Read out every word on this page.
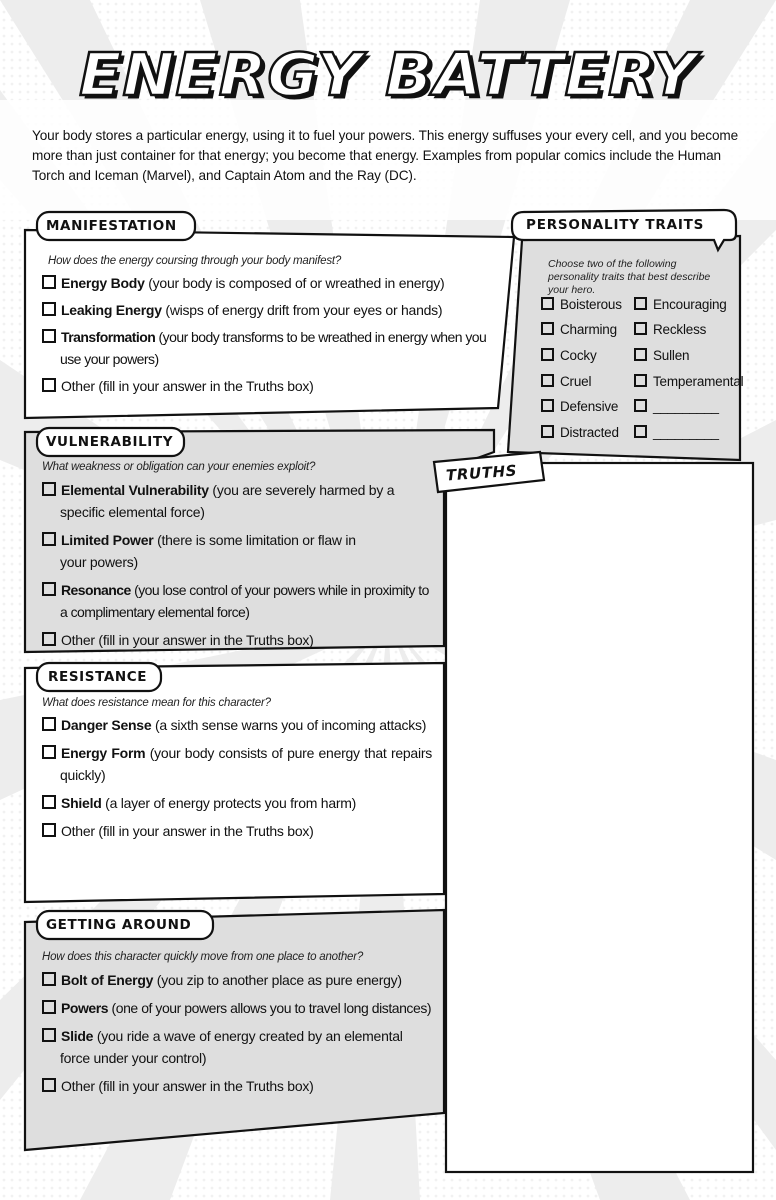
ENERGY BATTERY
Your body stores a particular energy, using it to fuel your powers. This energy suffuses your every cell, and you become more than just container for that energy; you become that energy. Examples from popular comics include the Human Torch and Iceman (Marvel), and Captain Atom and the Ray (DC).
MANIFESTATION
How does the energy coursing through your body manifest?
Energy Body (your body is composed of or wreathed in energy)
Leaking Energy (wisps of energy drift from your eyes or hands)
Transformation (your body transforms to be wreathed in energy when you use your powers)
Other (fill in your answer in the Truths box)
PERSONALITY TRAITS
Choose two of the following personality traits that best describe your hero.
Boisterous	Encouraging
Charming	Reckless
Cocky	Sullen
Cruel	Temperamental
Defensive	_________
Distracted	_________
VULNERABILITY
What weakness or obligation can your enemies exploit?
Elemental Vulnerability (you are severely harmed by a specific elemental force)
Limited Power (there is some limitation or flaw in your powers)
Resonance (you lose control of your powers while in proximity to a complimentary elemental force)
Other (fill in your answer in the Truths box)
RESISTANCE
What does resistance mean for this character?
Danger Sense (a sixth sense warns you of incoming attacks)
Energy Form (your body consists of pure energy that repairs quickly)
Shield (a layer of energy protects you from harm)
Other (fill in your answer in the Truths box)
GETTING AROUND
How does this character quickly move from one place to another?
Bolt of Energy (you zip to another place as pure energy)
Powers (one of your powers allows you to travel long distances)
Slide (you ride a wave of energy created by an elemental force under your control)
Other (fill in your answer in the Truths box)
TRUTHS
